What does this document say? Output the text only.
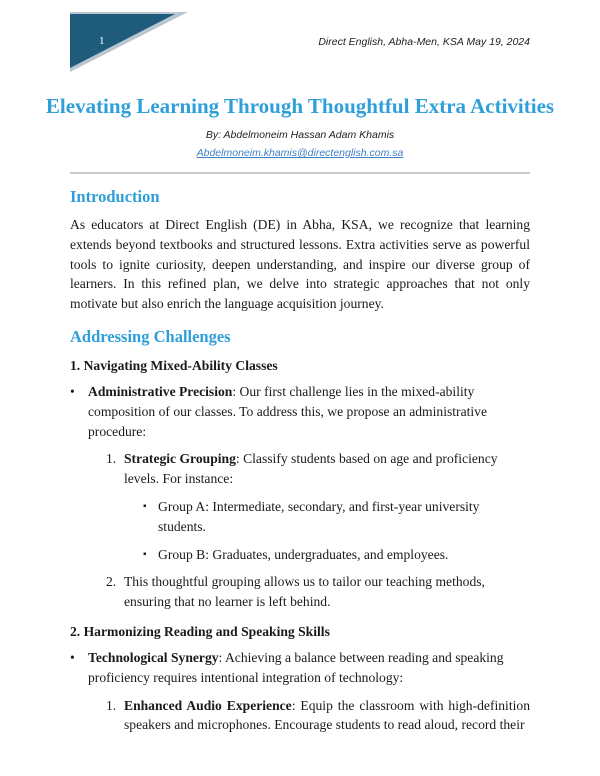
1	Direct English, Abha-Men, KSA May 19, 2024
Elevating Learning Through Thoughtful Extra Activities
By: Abdelmoneim Hassan Adam Khamis
Abdelmoneim.khamis@directenglish.com.sa
Introduction

As educators at Direct English (DE) in Abha, KSA, we recognize that learning extends beyond textbooks and structured lessons. Extra activities serve as powerful tools to ignite curiosity, deepen understanding, and inspire our diverse group of learners. In this refined plan, we delve into strategic approaches that not only motivate but also enrich the language acquisition journey.

Addressing Challenges
1. Navigating Mixed-Ability Classes
• Administrative Precision: Our first challenge lies in the mixed-ability composition of our classes. To address this, we propose an administrative procedure:
1. Strategic Grouping: Classify students based on age and proficiency levels. For instance:
▪ Group A: Intermediate, secondary, and first-year university students.
▪ Group B: Graduates, undergraduates, and employees.
2. This thoughtful grouping allows us to tailor our teaching methods, ensuring that no learner is left behind.
2. Harmonizing Reading and Speaking Skills
• Technological Synergy: Achieving a balance between reading and speaking proficiency requires intentional integration of technology:
1. Enhanced Audio Experience: Equip the classroom with high-definition speakers and microphones. Encourage students to read aloud, record their
